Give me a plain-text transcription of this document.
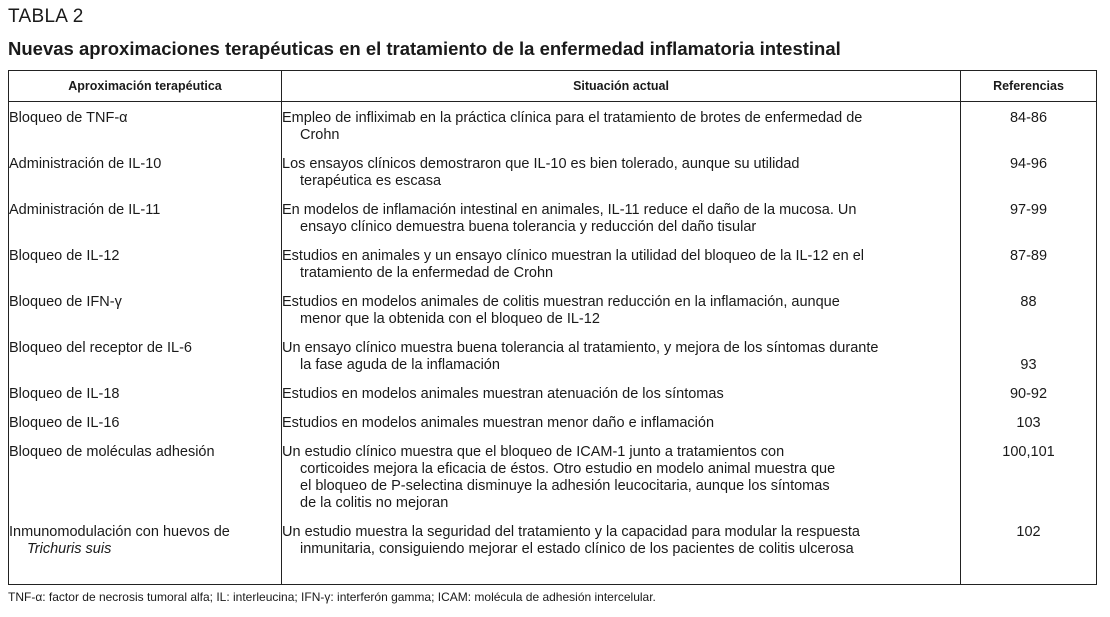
TABLA 2
Nuevas aproximaciones terapéuticas en el tratamiento de la enfermedad inflamatoria intestinal
Aproximación terapéutica	Situación actual	Referencias

Bloqueo de TNF-α	Empleo de infliximab en la práctica clínica para el tratamiento de brotes de enfermedad de Crohn	84-86

Administración de IL-10	Los ensayos clínicos demostraron que IL-10 es bien tolerado, aunque su utilidad terapéutica es escasa	94-96

Administración de IL-11	En modelos de inflamación intestinal en animales, IL-11 reduce el daño de la mucosa. Un ensayo clínico demuestra buena tolerancia y reducción del daño tisular	97-99

Bloqueo de IL-12	Estudios en animales y un ensayo clínico muestran la utilidad del bloqueo de la IL-12 en el tratamiento de la enfermedad de Crohn	87-89

Bloqueo de IFN-γ	Estudios en modelos animales de colitis muestran reducción en la inflamación, aunque menor que la obtenida con el bloqueo de IL-12	88

Bloqueo del receptor de IL-6	Un ensayo clínico muestra buena tolerancia al tratamiento, y mejora de los síntomas durante la fase aguda de la inflamación	93

Bloqueo de IL-18	Estudios en modelos animales muestran atenuación de los síntomas	90-92

Bloqueo de IL-16	Estudios en modelos animales muestran menor daño e inflamación	103

Bloqueo de moléculas adhesión	Un estudio clínico muestra que el bloqueo de ICAM-1 junto a tratamientos con corticoides mejora la eficacia de éstos. Otro estudio en modelo animal muestra que el bloqueo de P-selectina disminuye la adhesión leucocitaria, aunque los síntomas de la colitis no mejoran	100,101

Inmunomodulación con huevos de Trichuris suis	Un estudio muestra la seguridad del tratamiento y la capacidad para modular la respuesta inmunitaria, consiguiendo mejorar el estado clínico de los pacientes de colitis ulcerosa	102
TNF-α: factor de necrosis tumoral alfa; IL: interleucina; IFN-γ: interferón gamma; ICAM: molécula de adhesión intercelular.
